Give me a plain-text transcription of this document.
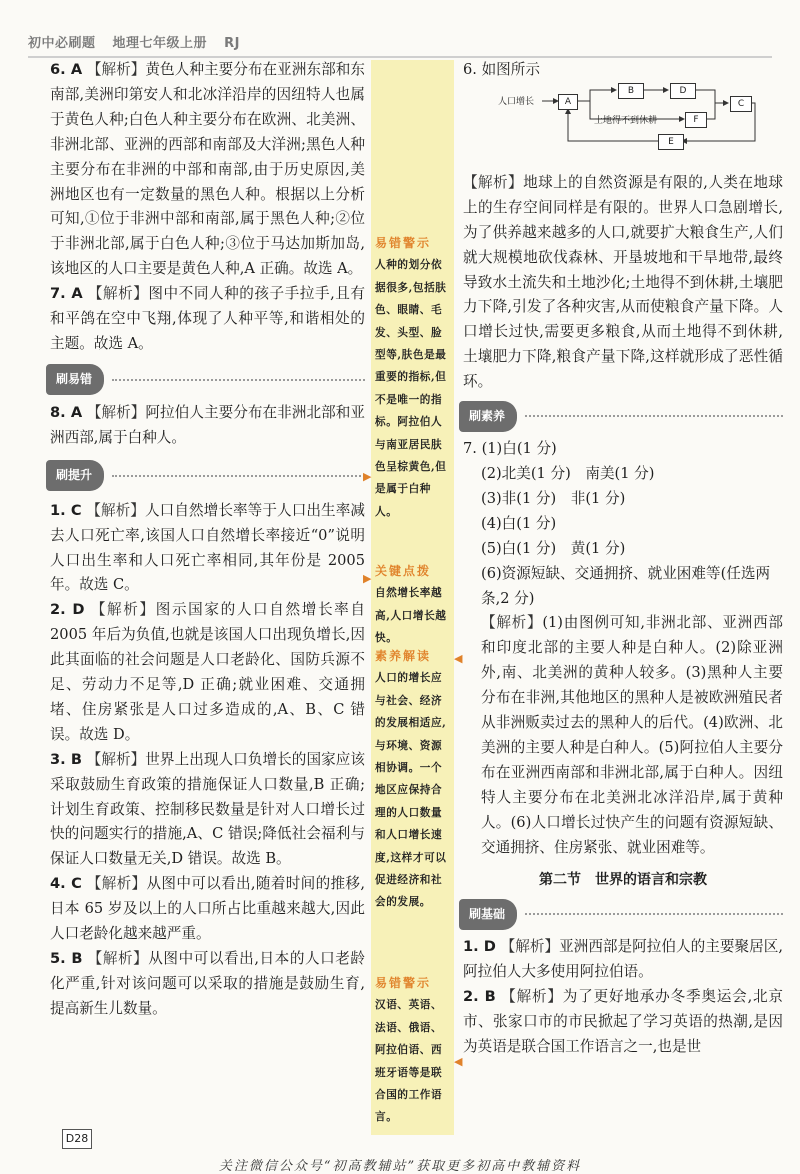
初中必刷题 地理七年级上册 RJ
易错警示
人种的划分依据很多,包括肤色、眼睛、毛发、头型、脸型等,肤色是最重要的指标,但不是唯一的指标。阿拉伯人与南亚居民肤色呈棕黄色,但是属于白种人。
关键点拨
自然增长率越高,人口增长越快。
素养解读
人口的增长应与社会、经济的发展相适应,与环境、资源相协调。一个地区应保持合理的人口数量和人口增长速度,这样才可以促进经济和社会的发展。
易错警示
汉语、英语、法语、俄语、阿拉伯语、西班牙语等是联合国的工作语言。

6. A 【解析】黄色人种主要分布在亚洲东部和东南部,美洲印第安人和北冰洋沿岸的因纽特人也属于黄色人种;白色人种主要分布在欧洲、北美洲、非洲北部、亚洲的西部和南部及大洋洲;黑色人种主要分布在非洲的中部和南部,由于历史原因,美洲地区也有一定数量的黑色人种。根据以上分析可知,①位于非洲中部和南部,属于黑色人种;②位于非洲北部,属于白色人种;③位于马达加斯加岛,该地区的人口主要是黄色人种,A 正确。故选 A。

7. A 【解析】图中不同人种的孩子手拉手,且有和平鸽在空中飞翔,体现了人种平等,和谐相处的主题。故选 A。

刷易错

8. A 【解析】阿拉伯人主要分布在非洲北部和亚洲西部,属于白种人。

刷提升

1. C 【解析】人口自然增长率等于人口出生率减去人口死亡率,该国人口自然增长率接近“0”说明人口出生率和人口死亡率相同,其年份是 2005 年。故选 C。

2. D 【解析】图示国家的人口自然增长率自 2005 年后为负值,也就是该国人口出现负增长,因此其面临的社会问题是人口老龄化、国防兵源不足、劳动力不足等,D 正确;就业困难、交通拥堵、住房紧张是人口过多造成的,A、B、C 错误。故选 D。

3. B 【解析】世界上出现人口负增长的国家应该采取鼓励生育政策的措施保证人口数量,B 正确;计划生育政策、控制移民数量是针对人口增长过快的问题实行的措施,A、C 错误;降低社会福利与保证人口数量无关,D 错误。故选 B。

4. C 【解析】从图中可以看出,随着时间的推移,日本 65 岁及以上的人口所占比重越来越大,因此人口老龄化越来越严重。

5. B 【解析】从图中可以看出,日本的人口老龄化严重,针对该问题可以采取的措施是鼓励生育,提高新生儿数量。

6. 如图所示

【解析】地球上的自然资源是有限的,人类在地球上的生存空间同样是有限的。世界人口急剧增长,为了供养越来越多的人口,就要扩大粮食生产,人们就大规模地砍伐森林、开垦坡地和干旱地带,最终导致水土流失和土地沙化;土地得不到休耕,土壤肥力下降,引发了各种灾害,从而使粮食产量下降。人口增长过快,需要更多粮食,从而土地得不到休耕,土壤肥力下降,粮食产量下降,这样就形成了恶性循环。

刷素养

7. (1)白(1 分)

(2)北美(1 分)　南美(1 分)

(3)非(1 分)　非(1 分)

(4)白(1 分)

(5)白(1 分)　黄(1 分)

(6)资源短缺、交通拥挤、就业困难等(任选两条,2 分)

【解析】(1)由图例可知,非洲北部、亚洲西部和印度北部的主要人种是白种人。(2)除亚洲外,南、北美洲的黄种人较多。(3)黑种人主要分布在非洲,其他地区的黑种人是被欧洲殖民者从非洲贩卖过去的黑种人的后代。(4)欧洲、北美洲的主要人种是白种人。(5)阿拉伯人主要分布在亚洲西南部和非洲北部,属于白种人。因纽特人主要分布在北美洲北冰洋沿岸,属于黄种人。(6)人口增长过快产生的问题有资源短缺、交通拥挤、住房紧张、就业困难等。

第二节　世界的语言和宗教

刷基础

1. D 【解析】亚洲西部是阿拉伯人的主要聚居区,阿拉伯人大多使用阿拉伯语。

2. B 【解析】为了更好地承办冬季奥运会,北京市、张家口市的市民掀起了学习英语的热潮,是因为英语是联合国工作语言之一,也是世

人口增长	A
B	D
C
土地得不到休耕	F
E
▶
▶
◀
◀
D28
关注微信公众号“初高教辅站”获取更多初高中教辅资料
